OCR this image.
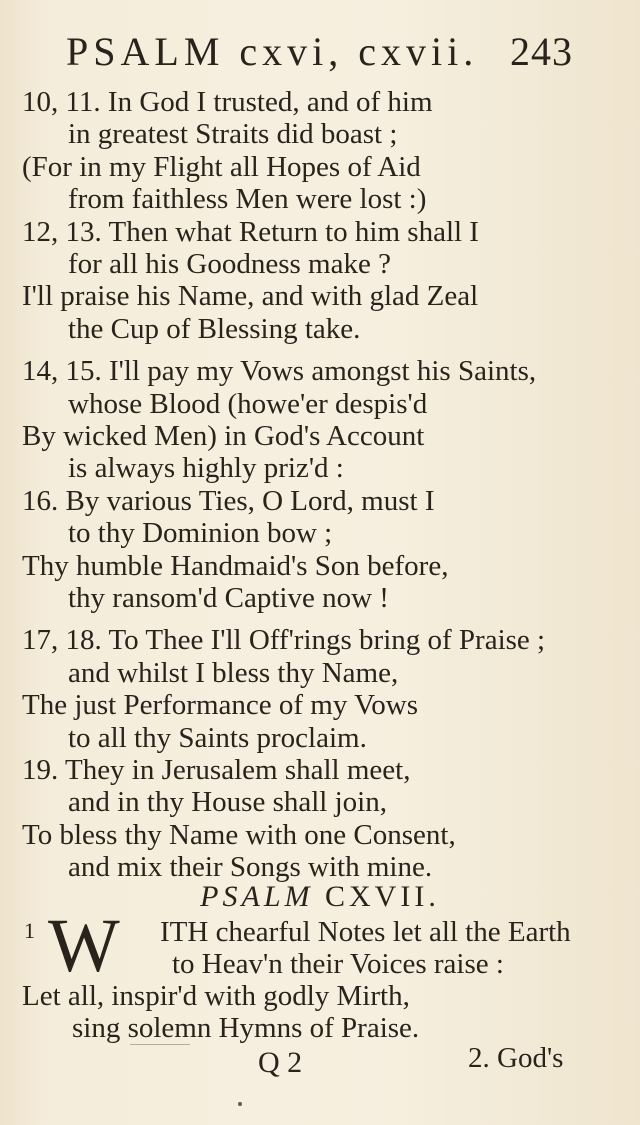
PSALM cxvi, cxvii. 243
10, 11. In God I trusted, and of him
in greatest Straits did boast ;
(For in my Flight all Hopes of Aid
from faithless Men were lost :)
12, 13. Then what Return to him shall I
for all his Goodness make ?
I'll praise his Name, and with glad Zeal
the Cup of Blessing take.
14, 15. I'll pay my Vows amongst his Saints,
whose Blood (howe'er despis'd
By wicked Men) in God's Account
is always highly priz'd :
16. By various Ties, O Lord, must I
to thy Dominion bow ;
Thy humble Handmaid's Son before,
thy ransom'd Captive now !
17, 18. To Thee I'll Off'rings bring of Praise ;
and whilst I bless thy Name,
The just Performance of my Vows
to all thy Saints proclaim.
19. They in Jerusalem shall meet,
and in thy House shall join,
To bless thy Name with one Consent,
and mix their Songs with mine.
PSALM CXVII.
1 W ITH chearful Notes let all the Earth
to Heav'n their Voices raise :
Let all, inspir'd with godly Mirth,
sing solemn Hymns of Praise.
Q 2	2. God's
